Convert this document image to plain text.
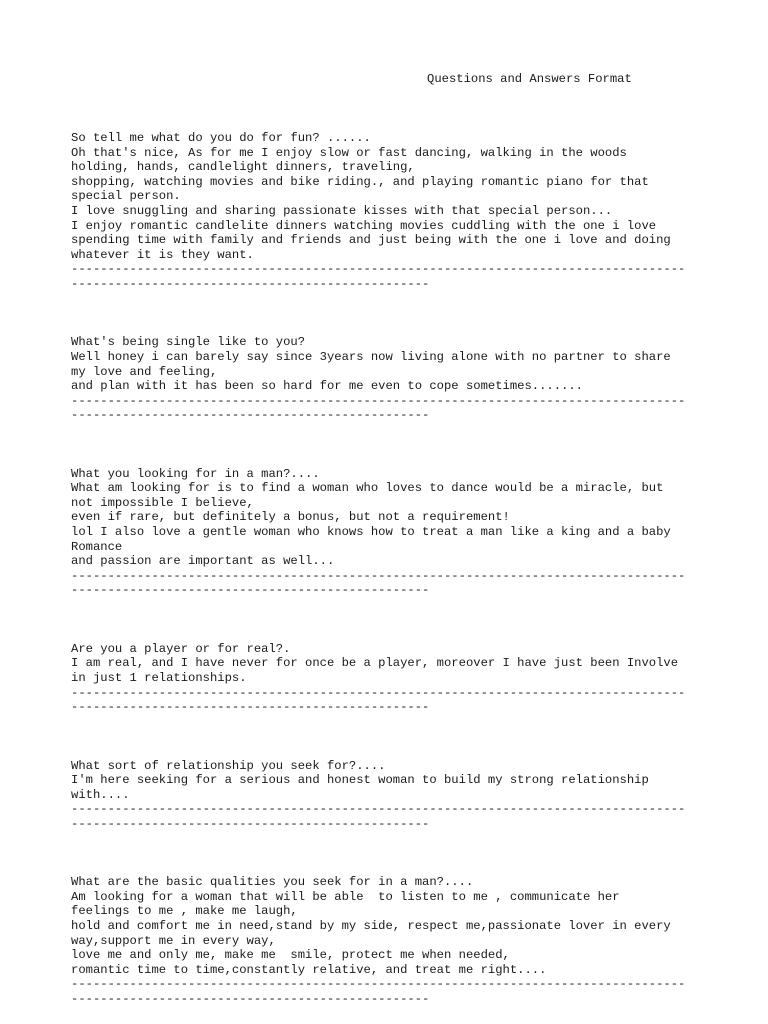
Questions and Answers Format
So tell me what do you do for fun? ......
Oh that's nice, As for me I enjoy slow or fast dancing, walking in the woods
holding, hands, candlelight dinners, traveling,
shopping, watching movies and bike riding., and playing romantic piano for that
special person.
I love snuggling and sharing passionate kisses with that special person...
I enjoy romantic candlelite dinners watching movies cuddling with the one i love
spending time with family and friends and just being with the one i love and doing
whatever it is they want.
------------------------------------------------------------------------------------
-------------------------------------------------
What's being single like to you?
Well honey i can barely say since 3years now living alone with no partner to share
my love and feeling,
and plan with it has been so hard for me even to cope sometimes.......
------------------------------------------------------------------------------------
-------------------------------------------------
What you looking for in a man?....
What am looking for is to find a woman who loves to dance would be a miracle, but
not impossible I believe,
even if rare, but definitely a bonus, but not a requirement!
lol I also love a gentle woman who knows how to treat a man like a king and a baby
Romance
and passion are important as well...
------------------------------------------------------------------------------------
-------------------------------------------------
Are you a player or for real?.
I am real, and I have never for once be a player, moreover I have just been Involve
in just 1 relationships.
------------------------------------------------------------------------------------
-------------------------------------------------
What sort of relationship you seek for?....
I'm here seeking for a serious and honest woman to build my strong relationship
with....
------------------------------------------------------------------------------------
-------------------------------------------------
What are the basic qualities you seek for in a man?....
Am looking for a woman that will be able  to listen to me , communicate her
feelings to me , make me laugh,
hold and comfort me in need,stand by my side, respect me,passionate lover in every
way,support me in every way,
love me and only me, make me  smile, protect me when needed,
romantic time to time,constantly relative, and treat me right....
------------------------------------------------------------------------------------
-------------------------------------------------
